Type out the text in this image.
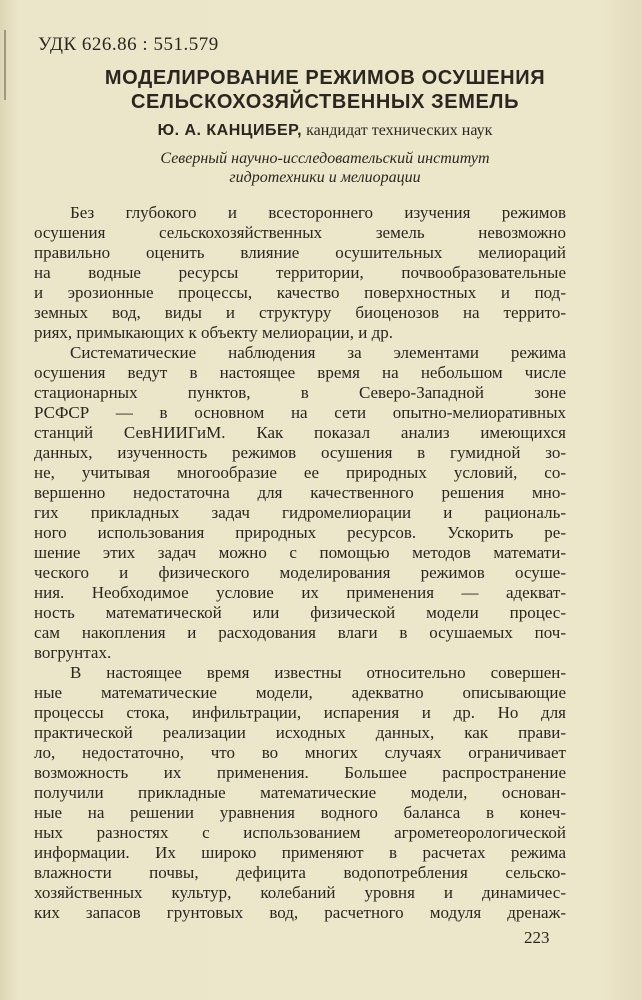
УДК 626.86 : 551.579
МОДЕЛИРОВАНИЕ РЕЖИМОВ ОСУШЕНИЯ
СЕЛЬСКОХОЗЯЙСТВЕННЫХ ЗЕМЕЛЬ
Ю. А. КАНЦИБЕР, кандидат технических наук
Северный научно-исследовательский институт
гидротехники и мелиорации
Без глубокого и всестороннего изучения режимов
осушения сельскохозяйственных земель невозможно
правильно оценить влияние осушительных мелиораций
на водные ресурсы территории, почвообразовательные
и эрозионные процессы, качество поверхностных и под-
земных вод, виды и структуру биоценозов на террито-
риях, примыкающих к объекту мелиорации, и др.
Систематические наблюдения за элементами режима
осушения ведут в настоящее время на небольшом числе
стационарных пунктов, в Северо-Западной зоне
РСФСР — в основном на сети опытно-мелиоративных
станций СевНИИГиМ. Как показал анализ имеющихся
данных, изученность режимов осушения в гумидной зо-
не, учитывая многообразие ее природных условий, со-
вершенно недостаточна для качественного решения мно-
гих прикладных задач гидромелиорации и рациональ-
ного использования природных ресурсов. Ускорить ре-
шение этих задач можно с помощью методов математи-
ческого и физического моделирования режимов осуше-
ния. Необходимое условие их применения — адекват-
ность математической или физической модели процес-
сам накопления и расходования влаги в осушаемых поч-
вогрунтах.
В настоящее время известны относительно совершен-
ные математические модели, адекватно описывающие
процессы стока, инфильтрации, испарения и др. Но для
практической реализации исходных данных, как прави-
ло, недостаточно, что во многих случаях ограничивает
возможность их применения. Большее распространение
получили прикладные математические модели, основан-
ные на решении уравнения водного баланса в конеч-
ных разностях с использованием агрометеорологической
информации. Их широко применяют в расчетах режима
влажности почвы, дефицита водопотребления сельско-
хозяйственных культур, колебаний уровня и динамичес-
ких запасов грунтовых вод, расчетного модуля дренаж-
223
